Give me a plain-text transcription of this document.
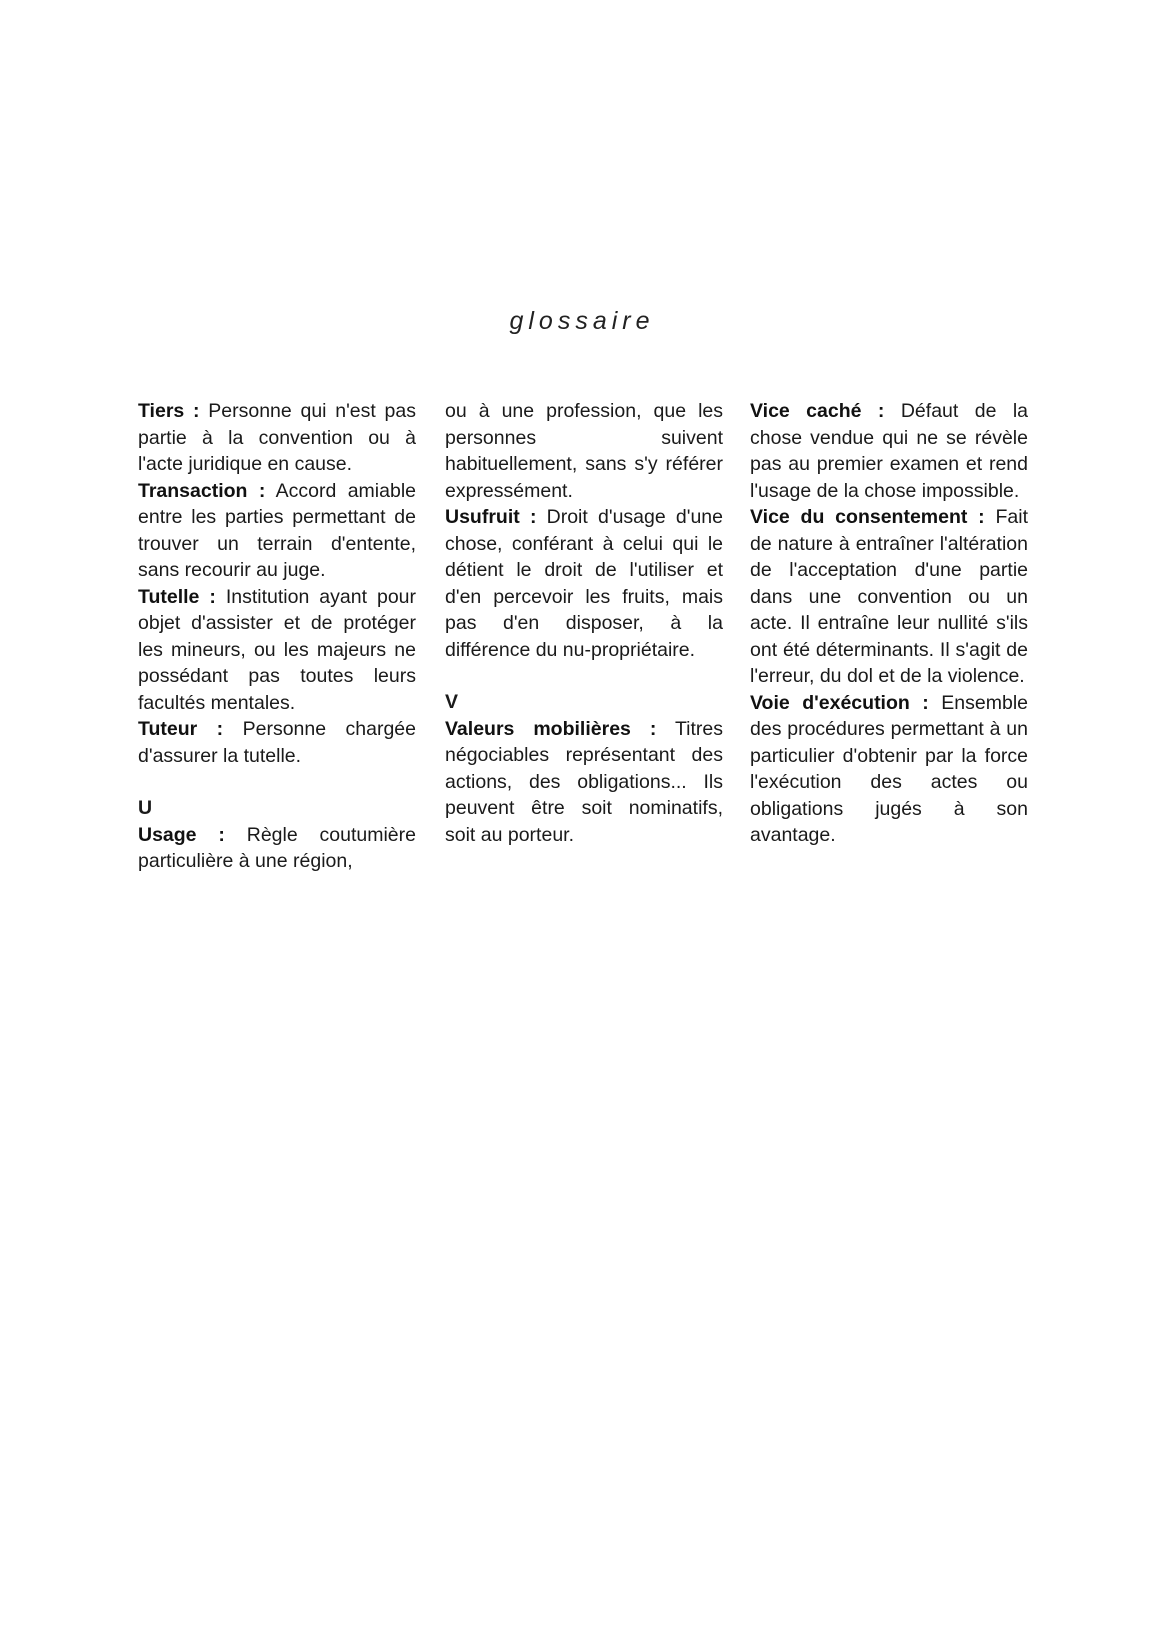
glossaire

Tiers : Personne qui n'est pas partie à la convention ou à l'acte juridique en cause.

Transaction : Accord amiable entre les parties permettant de trouver un terrain d'entente, sans recourir au juge.

Tutelle : Institution ayant pour objet d'assister et de protéger les mineurs, ou les majeurs ne possédant pas toutes leurs facultés mentales.

Tuteur : Personne chargée d'assurer la tutelle.

U

Usage : Règle coutumière particulière à une région,

ou à une profession, que les personnes suivent habituellement, sans s'y référer expressément.

Usufruit : Droit d'usage d'une chose, conférant à celui qui le détient le droit de l'utiliser et d'en percevoir les fruits, mais pas d'en disposer, à la différence du nu-propriétaire.

V

Valeurs mobilières : Titres négociables représentant des actions, des obligations... Ils peuvent être soit nominatifs, soit au porteur.

Vice caché : Défaut de la chose vendue qui ne se révèle pas au premier examen et rend l'usage de la chose impossible.

Vice du consentement : Fait de nature à entraîner l'altération de l'acceptation d'une partie dans une convention ou un acte. Il entraîne leur nullité s'ils ont été déterminants. Il s'agit de l'erreur, du dol et de la violence.

Voie d'exécution : Ensemble des procédures permettant à un particulier d'obtenir par la force l'exécution des actes ou obligations jugés à son avantage.
